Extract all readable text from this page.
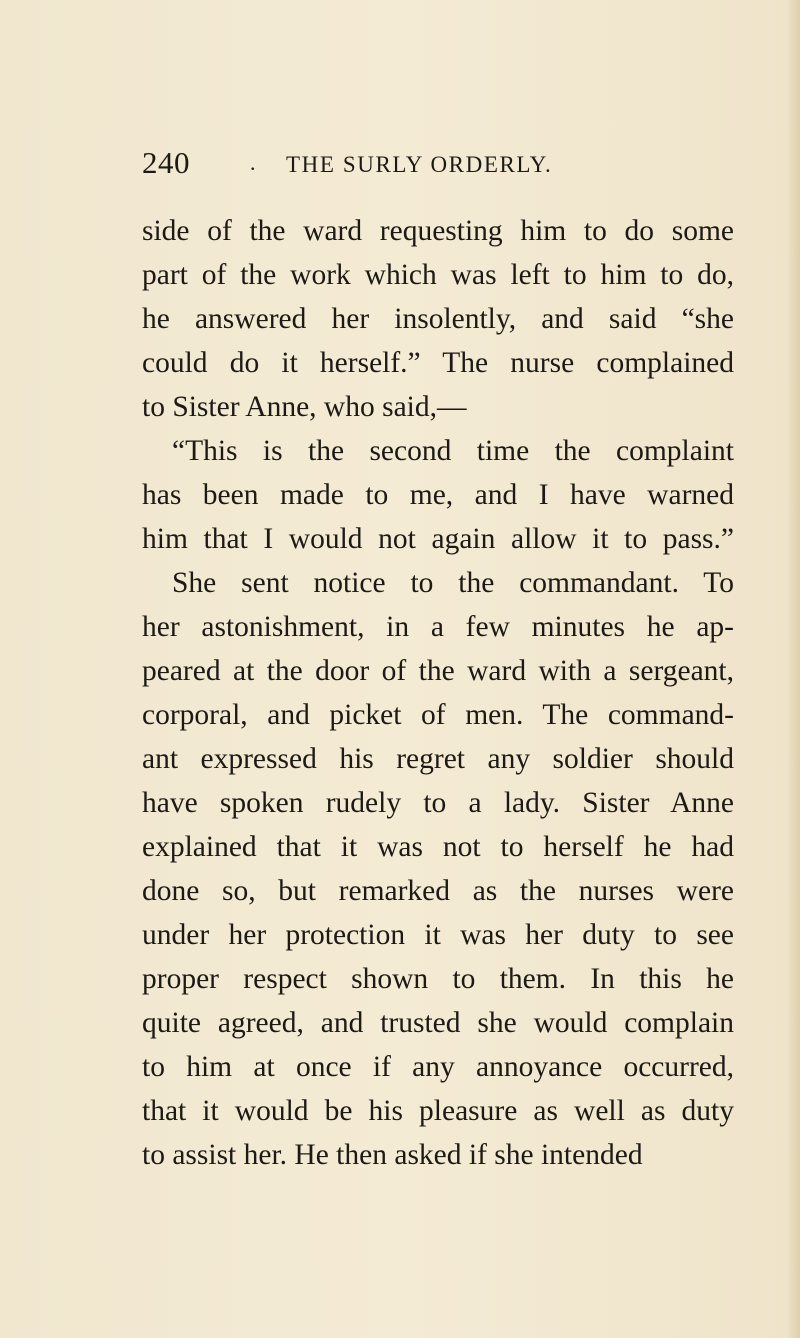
240	. THE SURLY ORDERLY.
side of the ward requesting him to do some
part of the work which was left to him to do,
he answered her insolently, and said “she
could do it herself.” The nurse complained
to Sister Anne, who said,—
“This is the second time the complaint
has been made to me, and I have warned
him that I would not again allow it to pass.”
She sent notice to the commandant. To
her astonishment, in a few minutes he ap-
peared at the door of the ward with a sergeant,
corporal, and picket of men. The command-
ant expressed his regret any soldier should
have spoken rudely to a lady. Sister Anne
explained that it was not to herself he had
done so, but remarked as the nurses were
under her protection it was her duty to see
proper respect shown to them. In this he
quite agreed, and trusted she would complain
to him at once if any annoyance occurred,
that it would be his pleasure as well as duty
to assist her. He then asked if she intended
